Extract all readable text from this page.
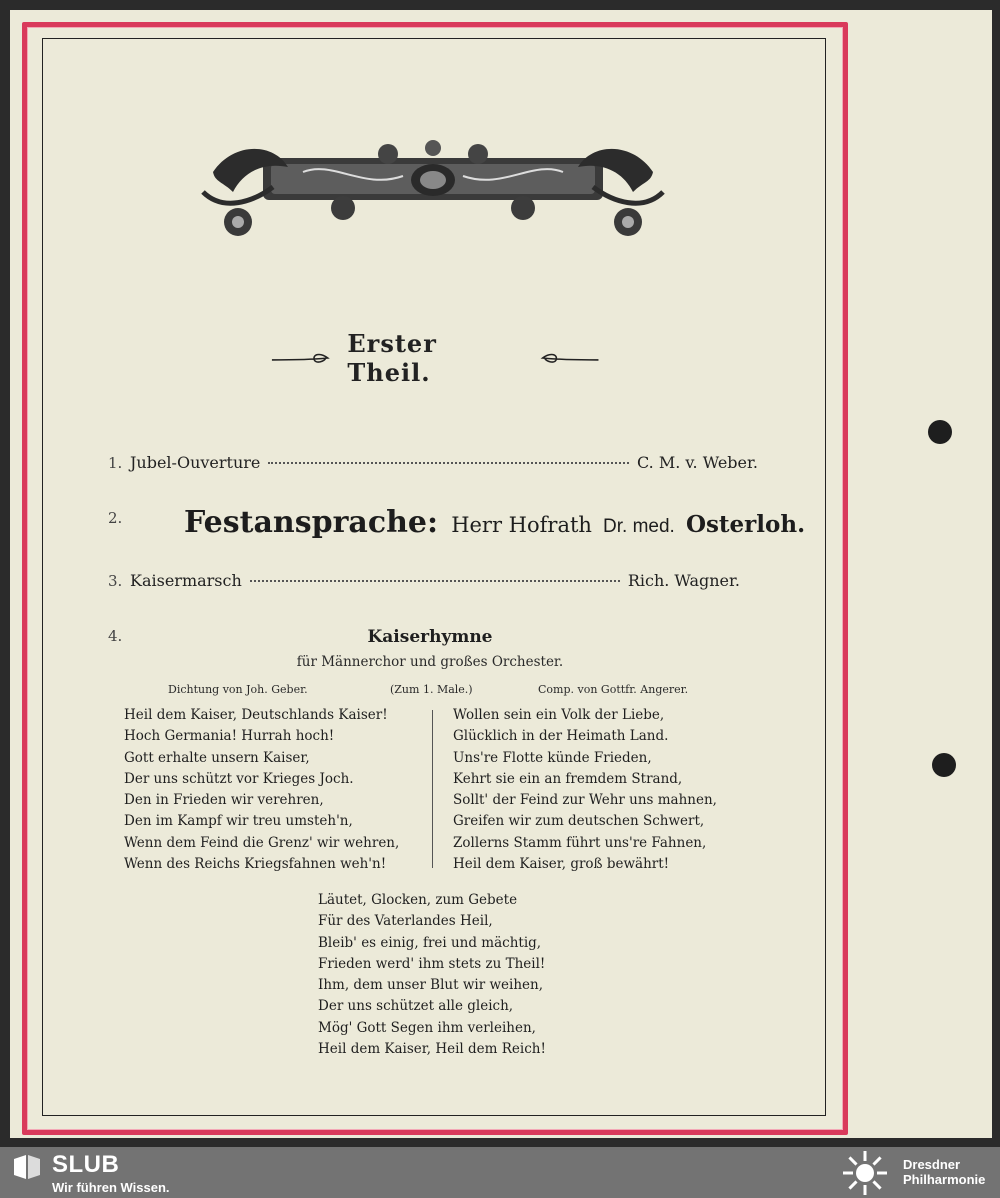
Erster Theil.
1. Jubel-Ouverture	C. M. v. Weber.
2. Festansprache: Herr Hofrath Dr. med. Osterloh.
3. Kaisermarsch	Rich. Wagner.
4.	Kaiserhymne
für Männerchor und großes Orchester.
Dichtung von Joh. Geber.	(Zum 1. Male.)	Comp. von Gottfr. Angerer.
Heil dem Kaiser, Deutschlands Kaiser!
Hoch Germania! Hurrah hoch!
Gott erhalte unsern Kaiser,
Der uns schützt vor Krieges Joch.
Den in Frieden wir verehren,
Den im Kampf wir treu umsteh'n,
Wenn dem Feind die Grenz' wir wehren,
Wenn des Reichs Kriegsfahnen weh'n!
Wollen sein ein Volk der Liebe,
Glücklich in der Heimath Land.
Uns're Flotte künde Frieden,
Kehrt sie ein an fremdem Strand,
Sollt' der Feind zur Wehr uns mahnen,
Greifen wir zum deutschen Schwert,
Zollerns Stamm führt uns're Fahnen,
Heil dem Kaiser, groß bewährt!
Läutet, Glocken, zum Gebete
Für des Vaterlandes Heil,
Bleib' es einig, frei und mächtig,
Frieden werd' ihm stets zu Theil!
Ihm, dem unser Blut wir weihen,
Der uns schützet alle gleich,
Mög' Gott Segen ihm verleihen,
Heil dem Kaiser, Heil dem Reich!
SLUB
Wir führen Wissen.
Dresdner
Philharmonie
